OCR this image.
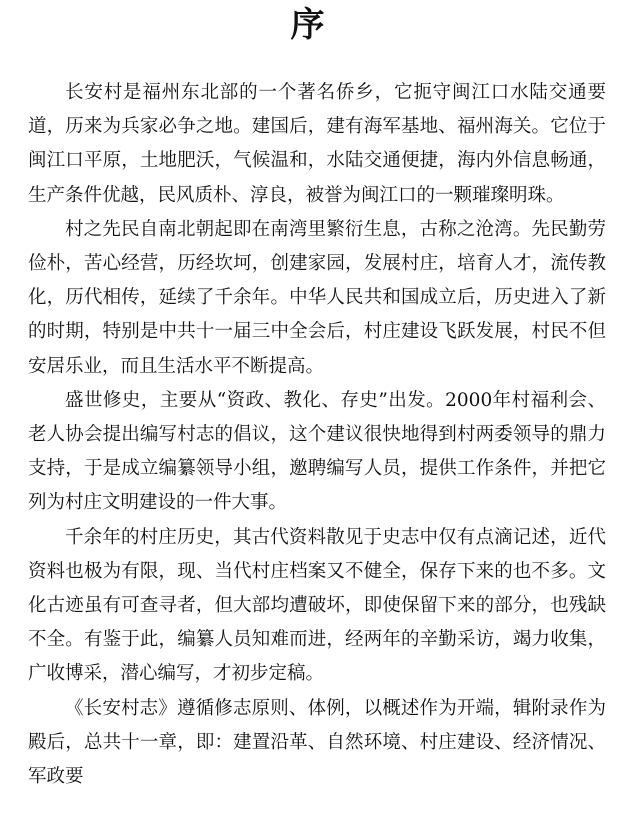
序

长安村是福州东北部的一个著名侨乡，它扼守闽江口水陆交通要道，历来为兵家必争之地。建国后，建有海军基地、福州海关。它位于闽江口平原，土地肥沃，气候温和，水陆交通便捷，海内外信息畅通，生产条件优越，民风质朴、淳良，被誉为闽江口的一颗璀璨明珠。

村之先民自南北朝起即在南湾里繁衍生息，古称之沧湾。先民勤劳俭朴，苦心经营，历经坎坷，创建家园，发展村庄，培育人才，流传教化，历代相传，延续了千余年。中华人民共和国成立后，历史进入了新的时期，特别是中共十一届三中全会后，村庄建设飞跃发展，村民不但安居乐业，而且生活水平不断提高。

盛世修史，主要从“资政、教化、存史”出发。2000年村福利会、老人协会提出编写村志的倡议，这个建议很快地得到村两委领导的鼎力支持，于是成立编纂领导小组，邀聘编写人员，提供工作条件，并把它列为村庄文明建设的一件大事。

千余年的村庄历史，其古代资料散见于史志中仅有点滴记述，近代资料也极为有限，现、当代村庄档案又不健全，保存下来的也不多。文化古迹虽有可查寻者，但大部均遭破坏，即使保留下来的部分，也残缺不全。有鉴于此，编纂人员知难而进，经两年的辛勤采访，竭力收集，广收博采，潜心编写，才初步定稿。

《长安村志》遵循修志原则、体例，以概述作为开端，辑附录作为殿后，总共十一章，即：建置沿革、自然环境、村庄建设、经济情况、军政要
